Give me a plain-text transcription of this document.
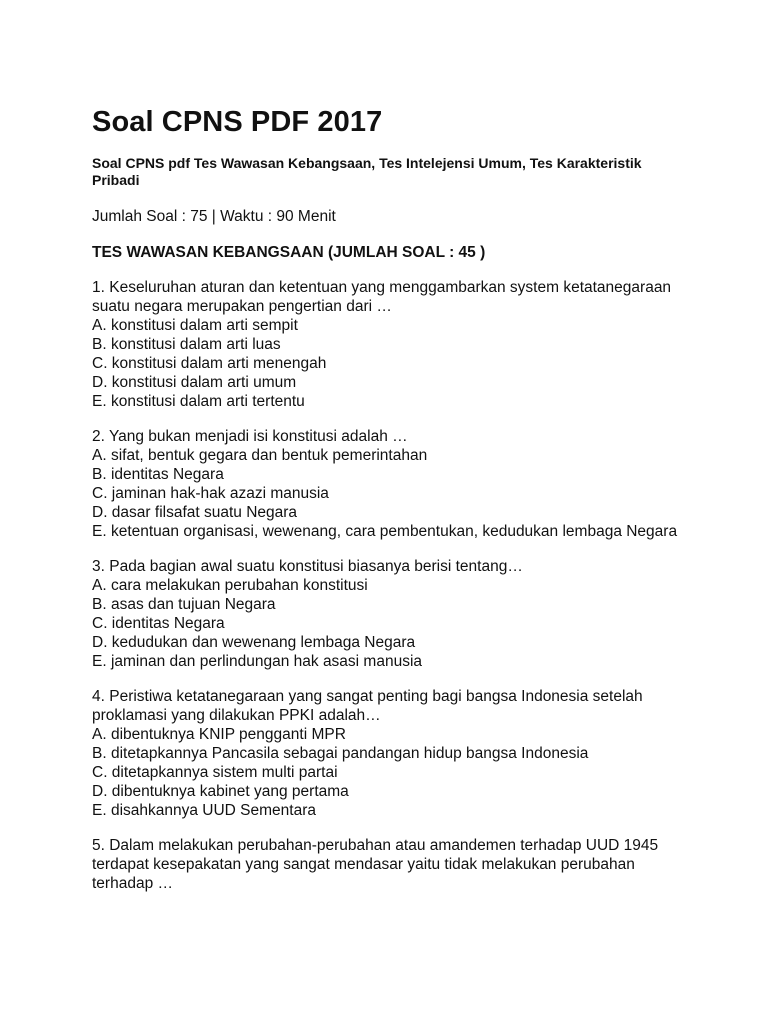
Soal CPNS PDF 2017

Soal CPNS pdf Tes Wawasan Kebangsaan, Tes Intelejensi Umum, Tes Karakteristik Pribadi

Jumlah Soal : 75 | Waktu : 90 Menit

TES WAWASAN KEBANGSAAN (JUMLAH SOAL : 45 )

1. Keseluruhan aturan dan ketentuan yang menggambarkan system ketatanegaraan suatu negara merupakan pengertian dari …

A. konstitusi dalam arti sempit

B. konstitusi dalam arti luas

C. konstitusi dalam arti menengah

D. konstitusi dalam arti umum

E. konstitusi dalam arti tertentu

2. Yang bukan menjadi isi konstitusi adalah …

A. sifat, bentuk gegara dan bentuk pemerintahan

B. identitas Negara

C. jaminan hak-hak azazi manusia

D. dasar filsafat suatu Negara

E. ketentuan organisasi, wewenang, cara pembentukan, kedudukan lembaga Negara

3. Pada bagian awal suatu konstitusi biasanya berisi tentang…

A. cara melakukan perubahan konstitusi

B. asas dan tujuan Negara

C. identitas Negara

D. kedudukan dan wewenang lembaga Negara

E. jaminan dan perlindungan hak asasi manusia

4. Peristiwa ketatanegaraan yang sangat penting bagi bangsa Indonesia setelah proklamasi yang dilakukan PPKI adalah…

A. dibentuknya KNIP pengganti MPR

B. ditetapkannya Pancasila sebagai pandangan hidup bangsa Indonesia

C. ditetapkannya sistem multi partai

D. dibentuknya kabinet yang pertama

E. disahkannya UUD Sementara

5. Dalam melakukan perubahan-perubahan atau amandemen terhadap UUD 1945 terdapat kesepakatan yang sangat mendasar yaitu tidak melakukan perubahan terhadap …
